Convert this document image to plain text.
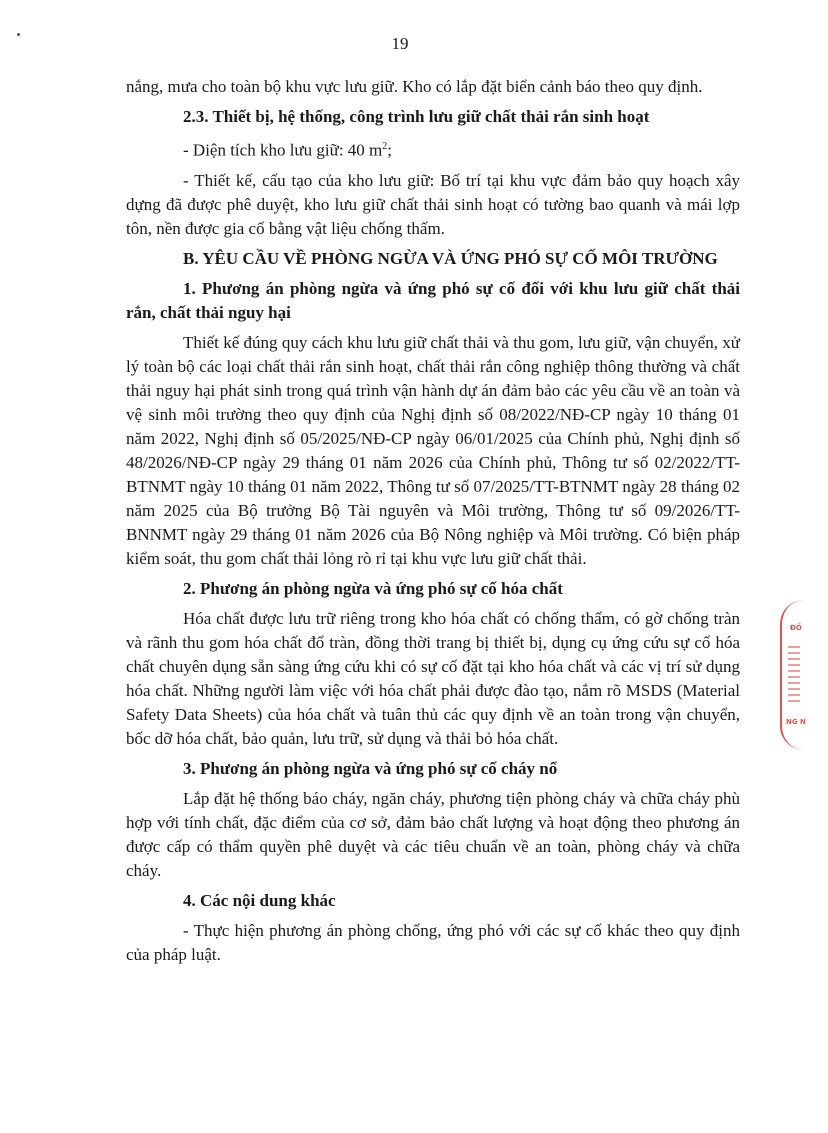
19

nắng, mưa cho toàn bộ khu vực lưu giữ. Kho có lắp đặt biển cảnh báo theo quy định.

2.3. Thiết bị, hệ thống, công trình lưu giữ chất thải rắn sinh hoạt

- Diện tích kho lưu giữ: 40 $m^2$;

- Thiết kế, cấu tạo của kho lưu giữ: Bố trí tại khu vực đảm bảo quy hoạch xây dựng đã được phê duyệt, kho lưu giữ chất thải sinh hoạt có tường bao quanh và mái lợp tôn, nền được gia cố bằng vật liệu chống thấm.

B. YÊU CẦU VỀ PHÒNG NGỪA VÀ ỨNG PHÓ SỰ CỐ MÔI TRƯỜNG

1. Phương án phòng ngừa và ứng phó sự cố đối với khu lưu giữ chất thải rắn, chất thải nguy hại

Thiết kế đúng quy cách khu lưu giữ chất thải và thu gom, lưu giữ, vận chuyển, xử lý toàn bộ các loại chất thải rắn sinh hoạt, chất thải rắn công nghiệp thông thường và chất thải nguy hại phát sinh trong quá trình vận hành dự án đảm bảo các yêu cầu về an toàn và vệ sinh môi trường theo quy định của Nghị định số 08/2022/NĐ-CP ngày 10 tháng 01 năm 2022, Nghị định số 05/2025/NĐ-CP ngày 06/01/2025 của Chính phủ, Nghị định số 48/2026/NĐ-CP ngày 29 tháng 01 năm 2026 của Chính phủ, Thông tư số 02/2022/TT-BTNMT ngày 10 tháng 01 năm 2022, Thông tư số 07/2025/TT-BTNMT ngày 28 tháng 02 năm 2025 của Bộ trưởng Bộ Tài nguyên và Môi trường, Thông tư số 09/2026/TT-BNNMT ngày 29 tháng 01 năm 2026 của Bộ Nông nghiệp và Môi trường. Có biện pháp kiểm soát, thu gom chất thải lỏng rò rỉ tại khu vực lưu giữ chất thải.

2. Phương án phòng ngừa và ứng phó sự cố hóa chất

Hóa chất được lưu trữ riêng trong kho hóa chất có chống thấm, có gờ chống tràn và rãnh thu gom hóa chất đổ tràn, đồng thời trang bị thiết bị, dụng cụ ứng cứu sự cố hóa chất chuyên dụng sẵn sàng ứng cứu khi có sự cố đặt tại kho hóa chất và các vị trí sử dụng hóa chất. Những người làm việc với hóa chất phải được đào tạo, nắm rõ MSDS (Material Safety Data Sheets) của hóa chất và tuân thủ các quy định về an toàn trong vận chuyển, bốc dỡ hóa chất, bảo quản, lưu trữ, sử dụng và thải bỏ hóa chất.

3. Phương án phòng ngừa và ứng phó sự cố cháy nổ

Lắp đặt hệ thống báo cháy, ngăn cháy, phương tiện phòng cháy và chữa cháy phù hợp với tính chất, đặc điểm của cơ sở, đảm bảo chất lượng và hoạt động theo phương án được cấp có thẩm quyền phê duyệt và các tiêu chuẩn về an toàn, phòng cháy và chữa cháy.

4. Các nội dung khác

- Thực hiện phương án phòng chống, ứng phó với các sự cố khác theo quy định của pháp luật.

ĐỒ
NG N
